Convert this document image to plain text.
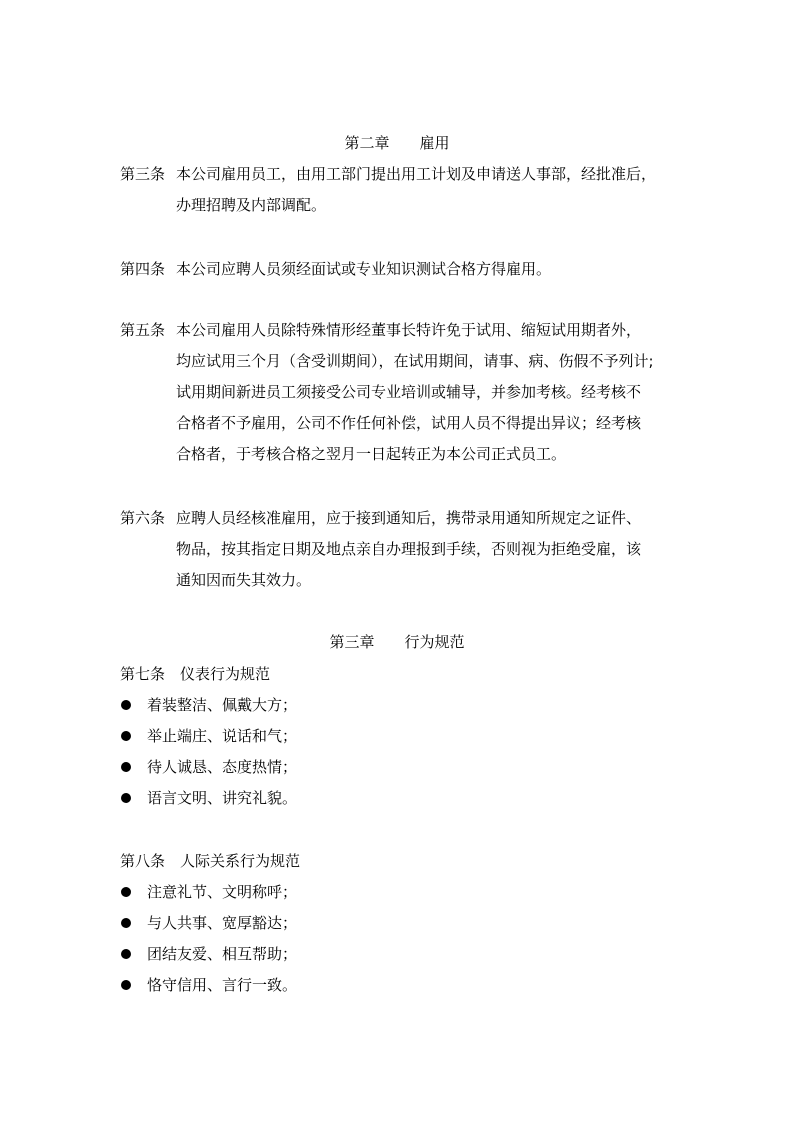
第二章　　雇用
第三条 本公司雇用员工，由用工部门提出用工计划及申请送人事部，经批准后，
办理招聘及内部调配。
第四条 本公司应聘人员须经面试或专业知识测试合格方得雇用。
第五条 本公司雇用人员除特殊情形经董事长特许免于试用、缩短试用期者外，
均应试用三个月（含受训期间），在试用期间，请事、病、伤假不予列计;
试用期间新进员工须接受公司专业培训或辅导，并参加考核。经考核不
合格者不予雇用，公司不作任何补偿，试用人员不得提出异议；经考核
合格者，于考核合格之翌月一日起转正为本公司正式员工。
第六条 应聘人员经核准雇用，应于接到通知后，携带录用通知所规定之证件、
物品，按其指定日期及地点亲自办理报到手续，否则视为拒绝受雇，该
通知因而失其效力。
第三章　　行为规范
第七条　仪表行为规范
着装整洁、佩戴大方；
举止端庄、说话和气；
待人诚恳、态度热情；
语言文明、讲究礼貌。
第八条　人际关系行为规范
注意礼节、文明称呼；
与人共事、宽厚豁达；
团结友爱、相互帮助；
恪守信用、言行一致。
